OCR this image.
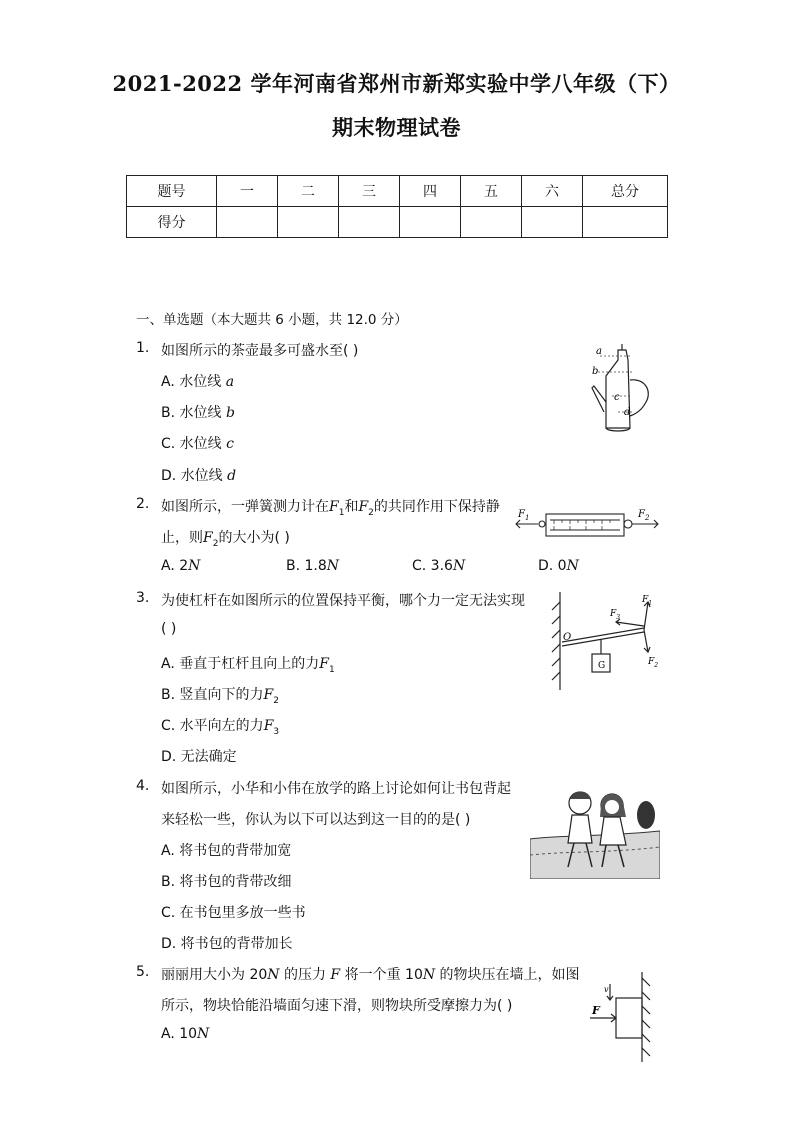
2021-2022 学年河南省郑州市新郑实验中学八年级（下）
期末物理试卷
题号	一	二	三	四	五	六	总分
得分							
一、单选题（本大题共 6 小题，共 12.0 分）
1. 如图所示的茶壶最多可盛水至( )
A. 水位线 a
B. 水位线 b
C. 水位线 c
D. 水位线 d
a
b
c
d
2. 如图所示，一弹簧测力计在$F_1$和$F_2$的共同作用下保持静
止，则$F_2$的大小为( )
A. 2N	B. 1.8N	C. 3.6N	D. 0N
$F_1$	$F_2$
3. 为使杠杆在如图所示的位置保持平衡，哪个力一定无法实现
( )
A. 垂直于杠杆且向上的力$F_1$
B. 竖直向下的力$F_2$
C. 水平向左的力$F_3$
D. 无法确定
O
G
$F_1$
$F_2$
$F_3$
4. 如图所示，小华和小伟在放学的路上讨论如何让书包背起
来轻松一些，你认为以下可以达到这一目的的是( )
A. 将书包的背带加宽
B. 将书包的背带改细
C. 在书包里多放一些书
D. 将书包的背带加长
5. 丽丽用大小为 20N 的压力 F 将一个重 10N 的物块压在墙上，如图
所示，物块恰能沿墙面匀速下滑，则物块所受摩擦力为( )
A. 10N
F
v
